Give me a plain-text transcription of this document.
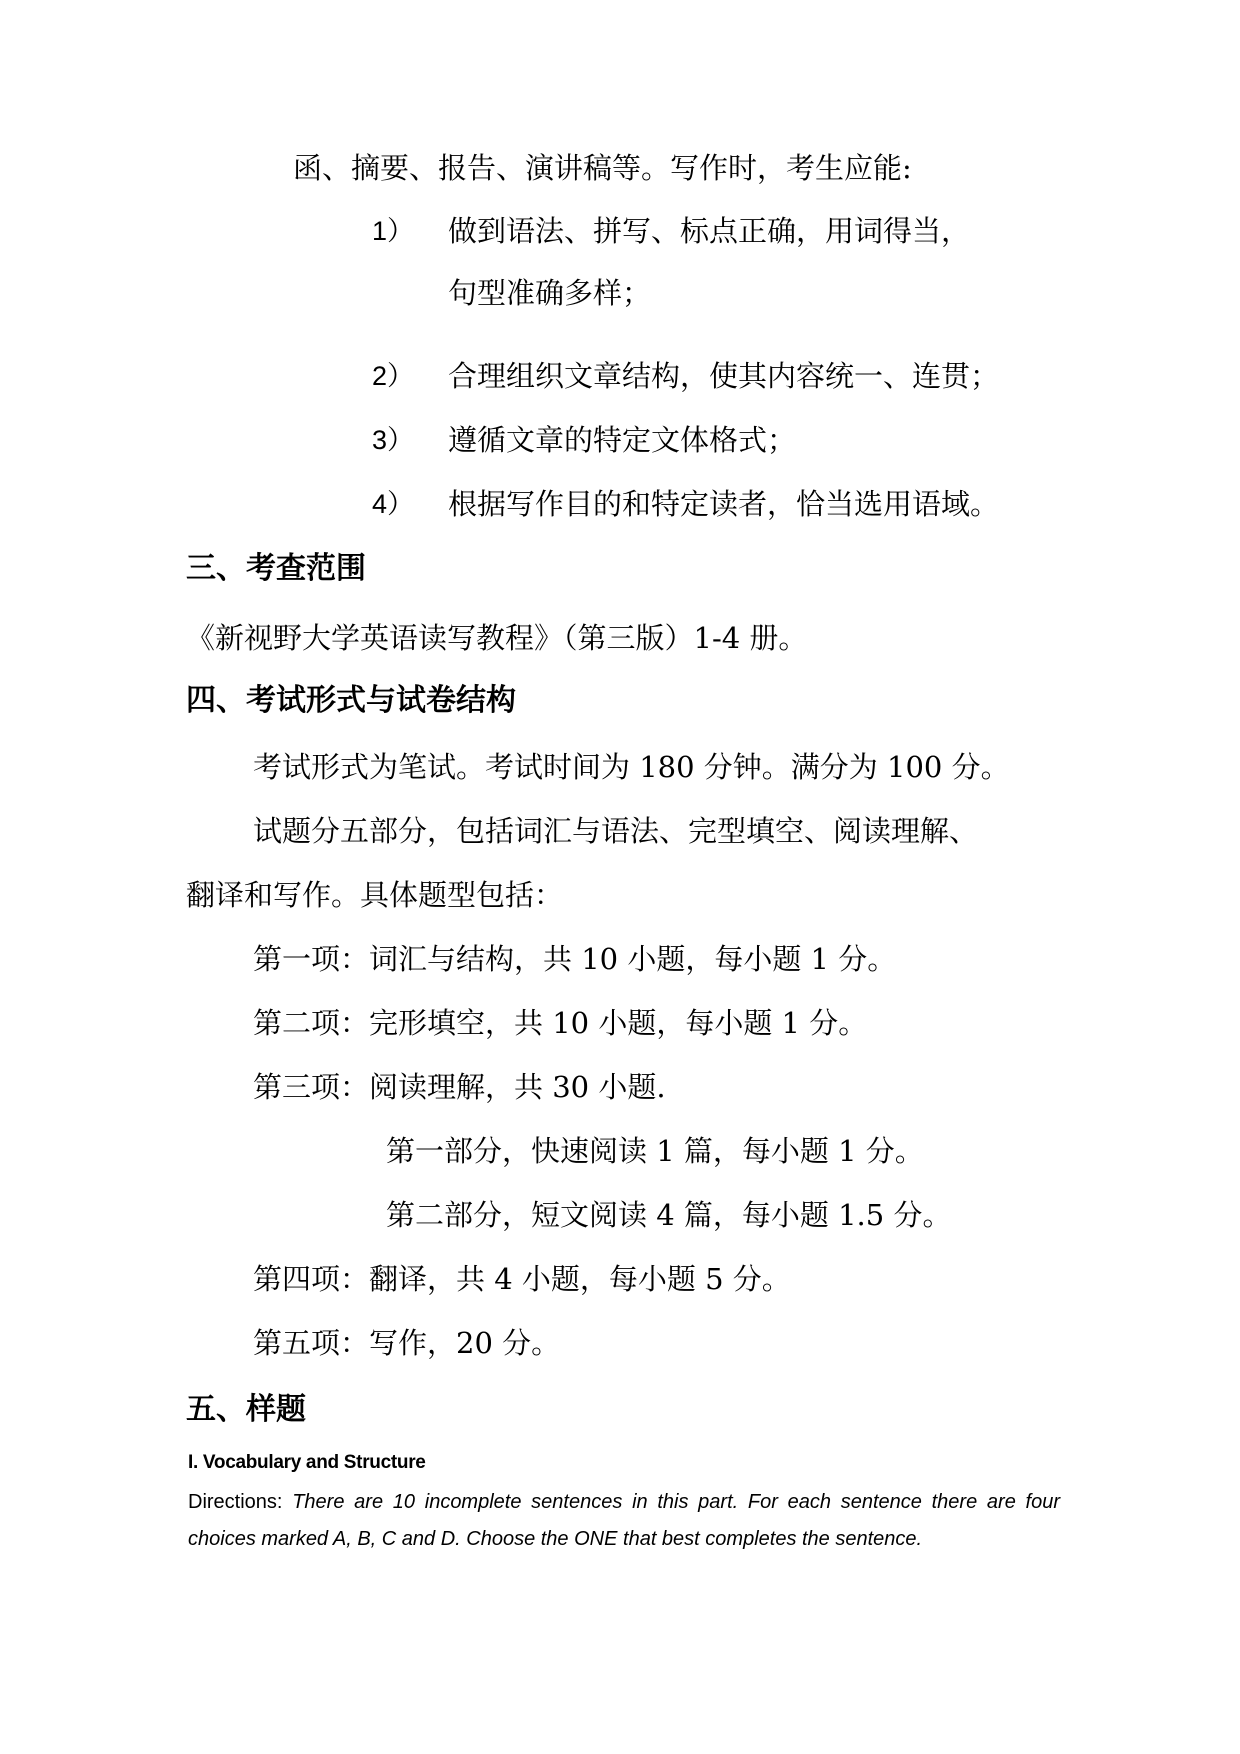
函、摘要、报告、演讲稿等。写作时，考生应能:
1） 做到语法、拼写、标点正确，用词得当，
句型准确多样；
2） 合理组织文章结构，使其内容统一、连贯；
3） 遵循文章的特定文体格式；
4） 根据写作目的和特定读者，恰当选用语域。
三、考查范围
《新视野大学英语读写教程》（第三版）1-4 册。
四、考试形式与试卷结构
考试形式为笔试。考试时间为 180 分钟。满分为 100 分。
试题分五部分，包括词汇与语法、完型填空、阅读理解、
翻译和写作。具体题型包括：
第一项：词汇与结构，共 10 小题，每小题 1 分。
第二项：完形填空，共 10 小题，每小题 1 分。
第三项：阅读理解，共 30 小题.
第一部分，快速阅读 1 篇，每小题 1 分。
第二部分，短文阅读 4 篇，每小题 1.5 分。
第四项：翻译，共 4 小题，每小题 5 分。
第五项：写作，20 分。
五、样题
I. Vocabulary and Structure
Directions: There are 10 incomplete sentences in this part. For each sentence there are four choices marked A, B, C and D. Choose the ONE that best completes the sentence.
